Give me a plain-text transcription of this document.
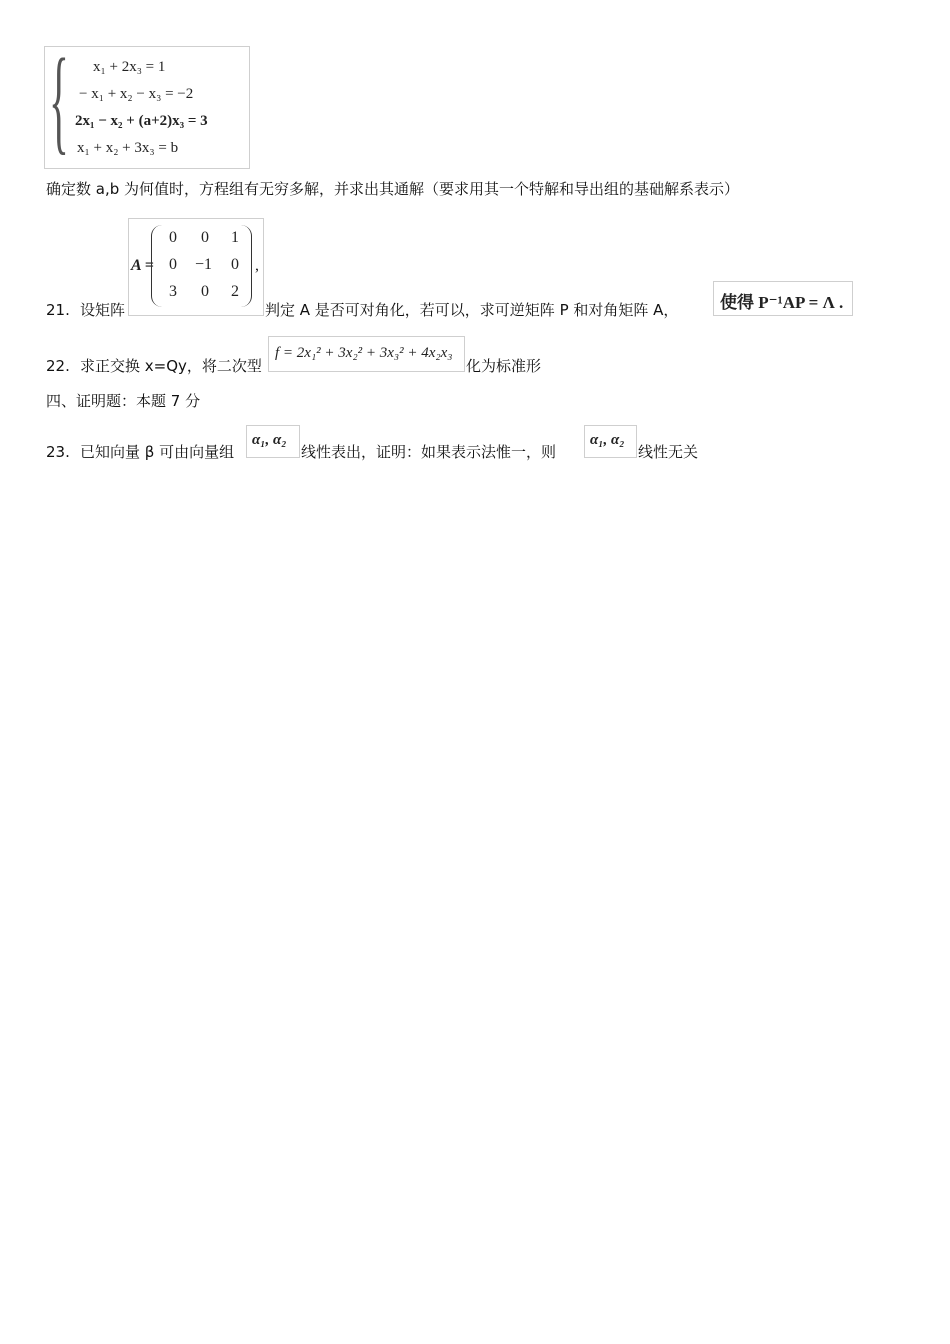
{ x₁ + 2x₃ = 1
− x₁ + x₂ − x₃ = −2
2x₁ − x₂ + (a+2)x₃ = 3
x₁ + x₂ + 3x₃ = b
确定数 a,b 为何值时，方程组有无穷多解，并求出其通解（要求用其一个特解和导出组的基础解系表示）
A =
0 0 1
0 −1 0
3 0 2
,
21. 设矩阵	判定 A 是否可对角化，若可以，求可逆矩阵 P 和对角矩阵 A， 使得 P⁻¹AP = Λ .
22. 求正交换 x=Qy，将二次型
f = 2x₁² + 3x₂² + 3x₃² + 4x₂x₃
化为标准形
四、证明题：本题 7 分
23. 已知向量 β 可由向量组
α₁, α₂
线性表出，证明：如果表示法惟一，则
α₁, α₂
线性无关
